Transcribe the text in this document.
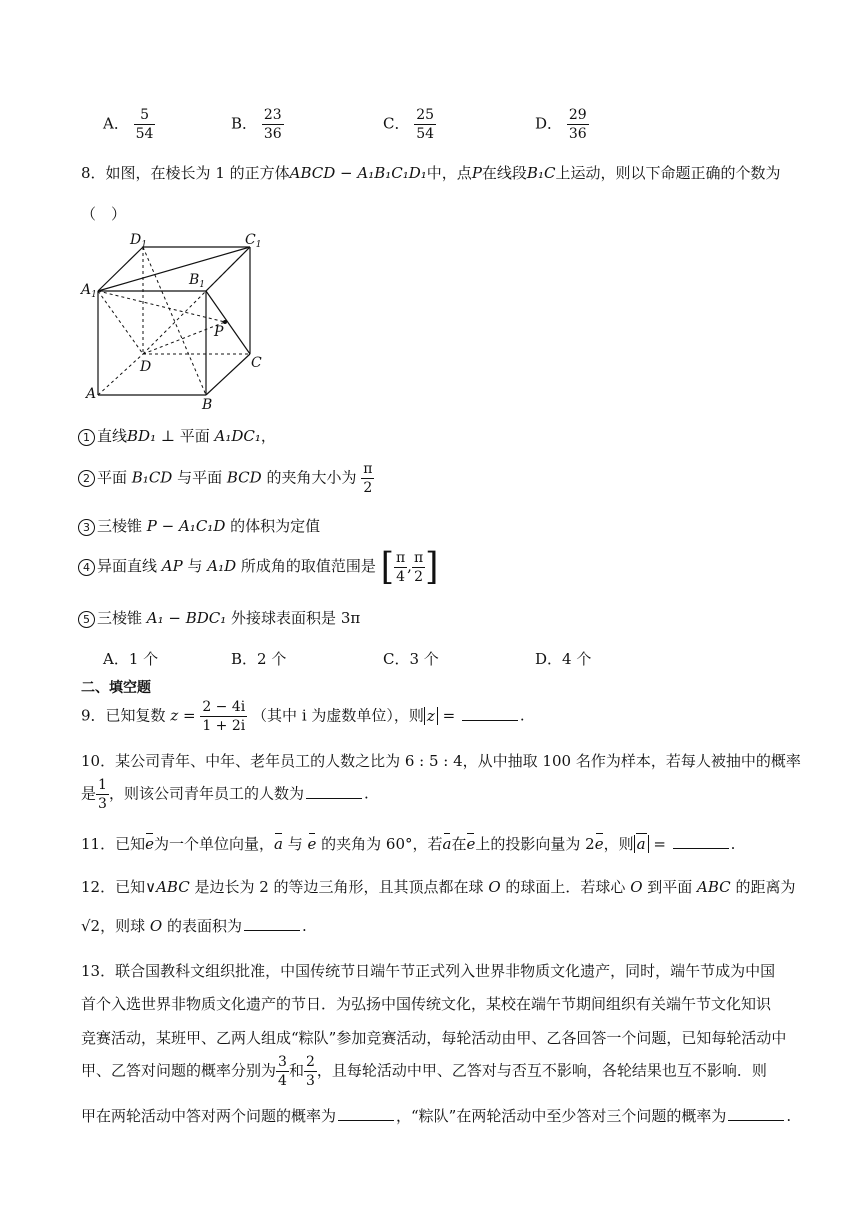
A． $\frac{5}{54}$	B． $\frac{23}{36}$	C． $\frac{25}{54}$	D． $\frac{29}{36}$
8．如图，在棱长为 1 的正方体ABCD − A₁B₁C₁D₁中，点P在线段B₁C上运动，则以下命题正确的个数为
（　）
$D_1$	$C_1$
$B_1$
$A_1$
P
D	C
A
B
1 直线BD₁ ⊥ 平面 A₁DC₁，
2 平面 B₁CD 与平面 BCD 的夹角大小为 $\frac{\pi}{2}$
3 三棱锥 P − A₁C₁D 的体积为定值
4 异面直线 AP 与 A₁D 所成角的取值范围是 [ $\frac{\pi}{4}$ , $\frac{\pi}{2}$ ]
5 三棱锥 A₁ − BDC₁ 外接球表面积是 3π
A．1 个	B．2 个	C．3 个	D．4 个
二、填空题
9．已知复数 $z = \frac{2 - 4i}{1 + 2i}$ （其中 i 为虚数单位），则 z =	.
10．某公司青年、中年、老年员工的人数之比为 6 : 5 : 4，从中抽取 100 名作为样本，若每人被抽中的概率
是 $\frac{1}{3}$ ，则该公司青年员工的人数为	.
11．已知e为一个单位向量，a 与 e 的夹角为 60°，若a在e上的投影向量为 2e，则 a =	.
12．已知∨ABC 是边长为 2 的等边三角形，且其顶点都在球 O 的球面上．若球心 O 到平面 ABC 的距离为
√2，则球 O 的表面积为	.
13．联合国教科文组织批准，中国传统节日端午节正式列入世界非物质文化遗产，同时，端午节成为中国
首个入选世界非物质文化遗产的节日．为弘扬中国传统文化，某校在端午节期间组织有关端午节文化知识
竞赛活动，某班甲、乙两人组成“粽队”参加竞赛活动，每轮活动由甲、乙各回答一个问题，已知每轮活动中
甲、乙答对问题的概率分别为 $\frac{3}{4}$ 和 $\frac{2}{3}$ ，且每轮活动中甲、乙答对与否互不影响，各轮结果也互不影响．则
甲在两轮活动中答对两个问题的概率为	，“粽队”在两轮活动中至少答对三个问题的概率为	.
